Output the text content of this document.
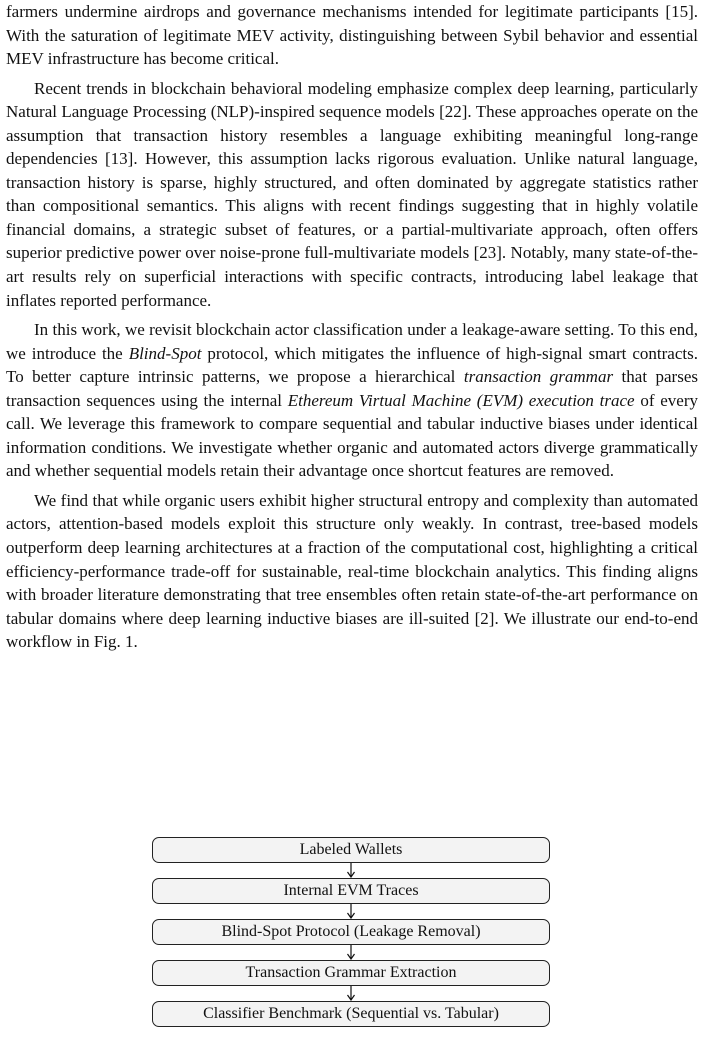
farmers undermine airdrops and governance mechanisms intended for legitimate participants [15]. With the saturation of legitimate MEV activity, distinguishing between Sybil behavior and essential MEV infrastructure has become critical.

Recent trends in blockchain behavioral modeling emphasize complex deep learning, particularly Natural Language Processing (NLP)-inspired sequence models [22]. These approaches operate on the assumption that transaction history resembles a language exhibiting meaningful long-range dependencies [13]. However, this assumption lacks rigorous evaluation. Unlike natural language, transaction history is sparse, highly structured, and often dominated by aggregate statistics rather than compositional semantics. This aligns with recent findings suggesting that in highly volatile financial domains, a strategic subset of features, or a partial-multivariate approach, often offers superior predictive power over noise-prone full-multivariate models [23]. Notably, many state-of-the-art results rely on superficial interactions with specific contracts, introducing label leakage that inflates reported performance.

In this work, we revisit blockchain actor classification under a leakage-aware setting. To this end, we introduce the Blind-Spot protocol, which mitigates the influence of high-signal smart contracts. To better capture intrinsic patterns, we propose a hierarchical transaction grammar that parses transaction sequences using the internal Ethereum Virtual Machine (EVM) execution trace of every call. We leverage this framework to compare sequential and tabular inductive biases under identical information conditions. We investigate whether organic and automated actors diverge grammatically and whether sequential models retain their advantage once shortcut features are removed.

We find that while organic users exhibit higher structural entropy and complexity than automated actors, attention-based models exploit this structure only weakly. In contrast, tree-based models outperform deep learning architectures at a fraction of the computational cost, highlighting a critical efficiency-performance trade-off for sustainable, real-time blockchain analytics. This finding aligns with broader literature demonstrating that tree ensembles often retain state-of-the-art performance on tabular domains where deep learning inductive biases are ill-suited [2]. We illustrate our end-to-end workflow in Fig. 1.

Labeled Wallets
Internal EVM Traces
Blind-Spot Protocol (Leakage Removal)
Transaction Grammar Extraction
Classifier Benchmark (Sequential vs. Tabular)
